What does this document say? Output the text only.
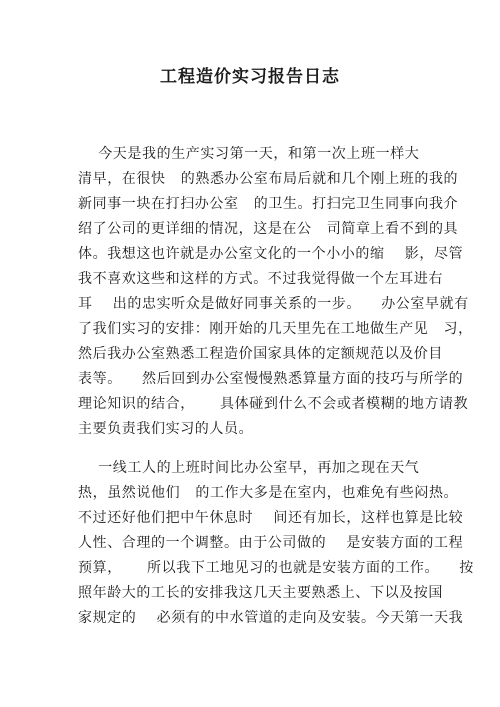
工程造价实习报告日志
今天是我的生产实习第一天，和第一次上班一样大
清早，在很快   的熟悉办公室布局后就和几个刚上班的我的
新同事一块在打扫办公室   的卫生。打扫完卫生同事向我介
绍了公司的更详细的情况，这是在公   司简章上看不到的具
体。我想这也许就是办公室文化的一个小小的缩    影，尽管
我不喜欢这些和这样的方式。不过我觉得做一个左耳进右
耳    出的忠实听众是做好同事关系的一步。    办公室早就有
了我们实习的安排：刚开始的几天里先在工地做生产见   习，
然后我办公室熟悉工程造价国家具体的定额规范以及价目
表等。    然后回到办公室慢慢熟悉算量方面的技巧与所学的
理论知识的结合，     具体碰到什么不会或者模糊的地方请教
主要负责我们实习的人员。
一线工人的上班时间比办公室早，再加之现在天气
热，虽然说他们   的工作大多是在室内，也难免有些闷热。
不过还好他们把中午休息时    间还有加长，这样也算是比较
人性、合理的一个调整。由于公司做的    是安装方面的工程
预算，     所以我下工地见习的也就是安装方面的工作。    按
照年龄大的工长的安排我这几天主要熟悉上、下以及按国
家规定的    必须有的中水管道的走向及安装。今天第一天我
